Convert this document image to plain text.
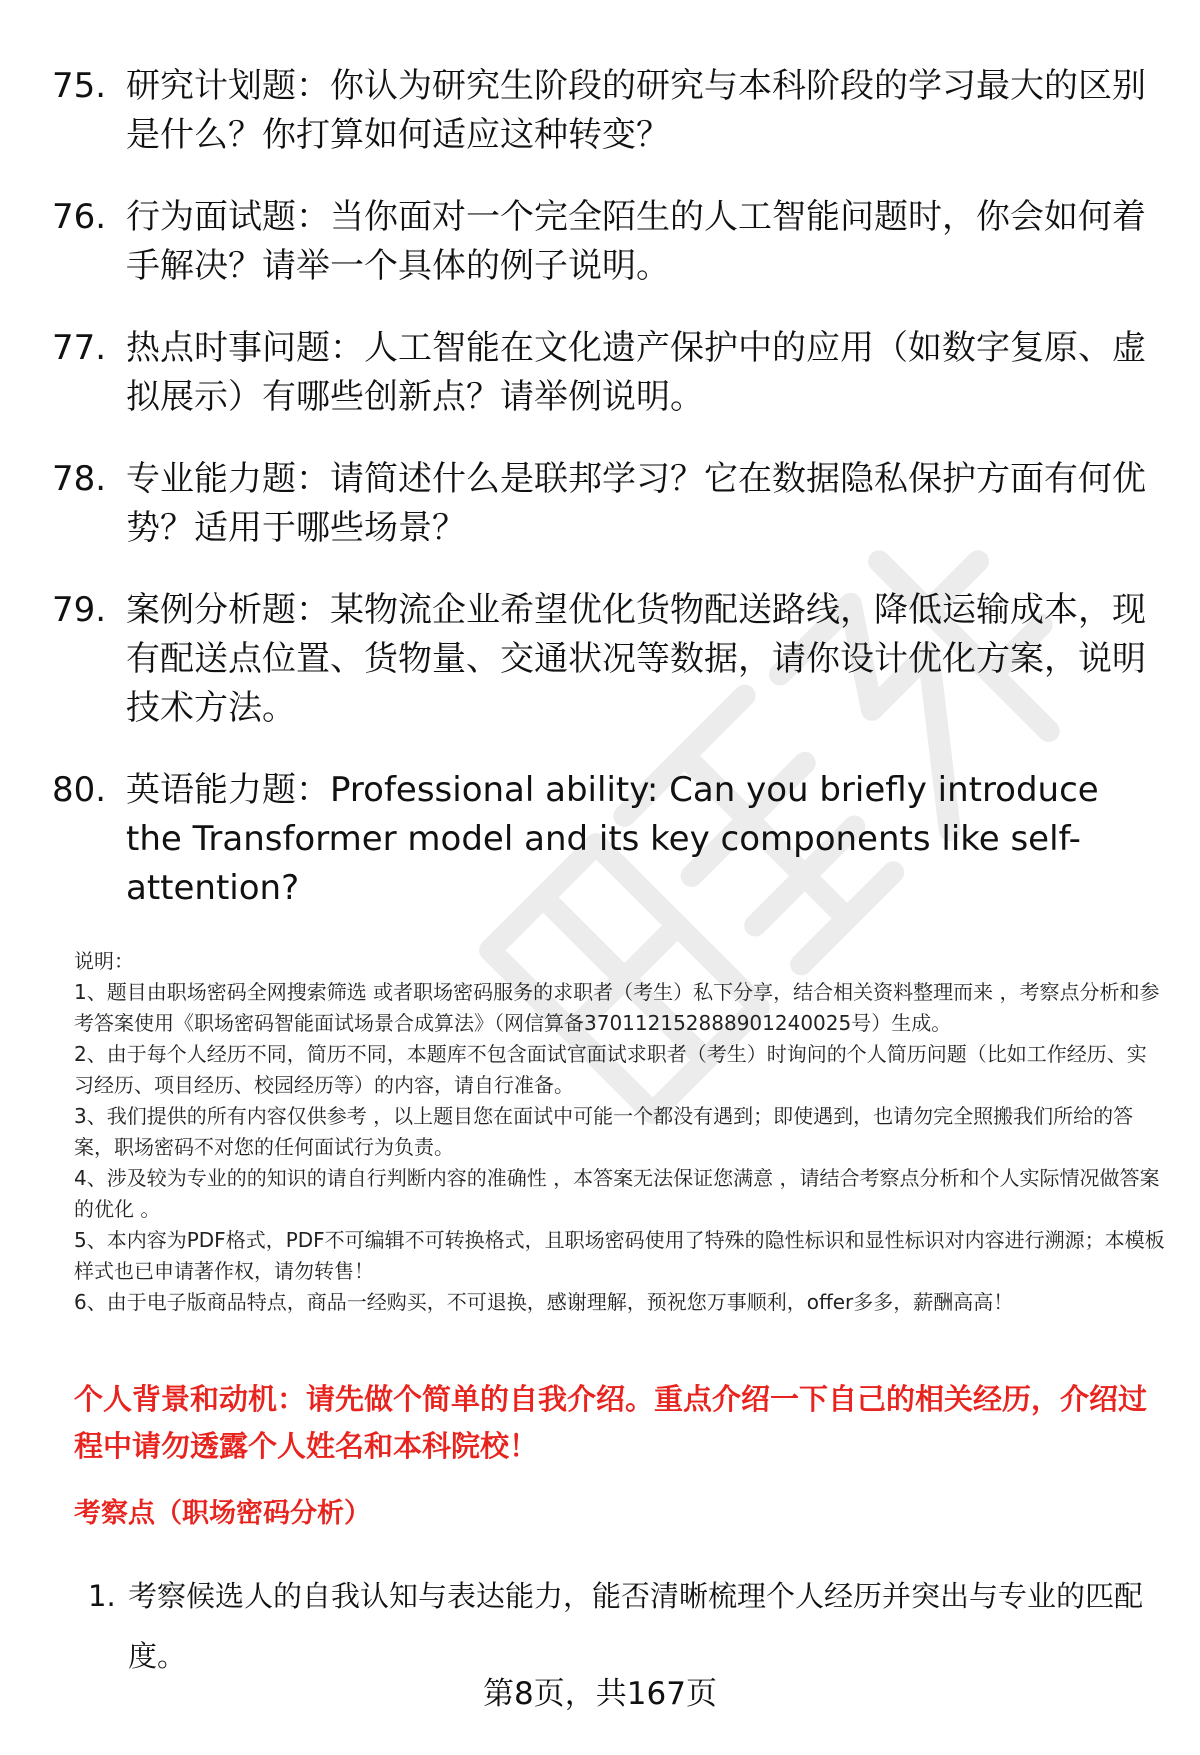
75. 研究计划题：你认为研究生阶段的研究与本科阶段的学习最大的区别是什么？你打算如何适应这种转变？
76. 行为面试题：当你面对一个完全陌生的人工智能问题时，你会如何着手解决？请举一个具体的例子说明。
77. 热点时事问题：人工智能在文化遗产保护中的应用（如数字复原、虚拟展示）有哪些创新点？请举例说明。
78. 专业能力题：请简述什么是联邦学习？它在数据隐私保护方面有何优势？适用于哪些场景？
79. 案例分析题：某物流企业希望优化货物配送路线，降低运输成本，现有配送点位置、货物量、交通状况等数据，请你设计优化方案，说明技术方法。
80. 英语能力题：Professional ability: Can you briefly introduce the Transformer model and its key components like self-attention?

说明：

1、题目由职场密码全网搜索筛选 或者职场密码服务的求职者（考生）私下分享，结合相关资料整理而来 ，考察点分析和参考答案使用《职场密码智能面试场景合成算法》（网信算备370112152888901240025号）生成。

2、由于每个人经历不同，简历不同，本题库不包含面试官面试求职者（考生）时询问的个人简历问题（比如工作经历、实习经历、项目经历、校园经历等）的内容，请自行准备。

3、我们提供的所有内容仅供参考 ，以上题目您在面试中可能一个都没有遇到；即使遇到，也请勿完全照搬我们所给的答案，职场密码不对您的任何面试行为负责。

4、涉及较为专业的的知识的请自行判断内容的准确性 ，本答案无法保证您满意 ，请结合考察点分析和个人实际情况做答案的优化 。

5、本内容为PDF格式，PDF不可编辑不可转换格式，且职场密码使用了特殊的隐性标识和显性标识对内容进行溯源；本模板样式也已申请著作权，请勿转售！

6、由于电子版商品特点，商品一经购买，不可退换，感谢理解，预祝您万事顺利，offer多多，薪酬高高！

个人背景和动机：请先做个简单的自我介绍。重点介绍一下自己的相关经历，介绍过程中请勿透露个人姓名和本科院校！
考察点（职场密码分析）
1. 考察候选人的自我认知与表达能力，能否清晰梳理个人经历并突出与专业的匹配度。

第8页，共167页
